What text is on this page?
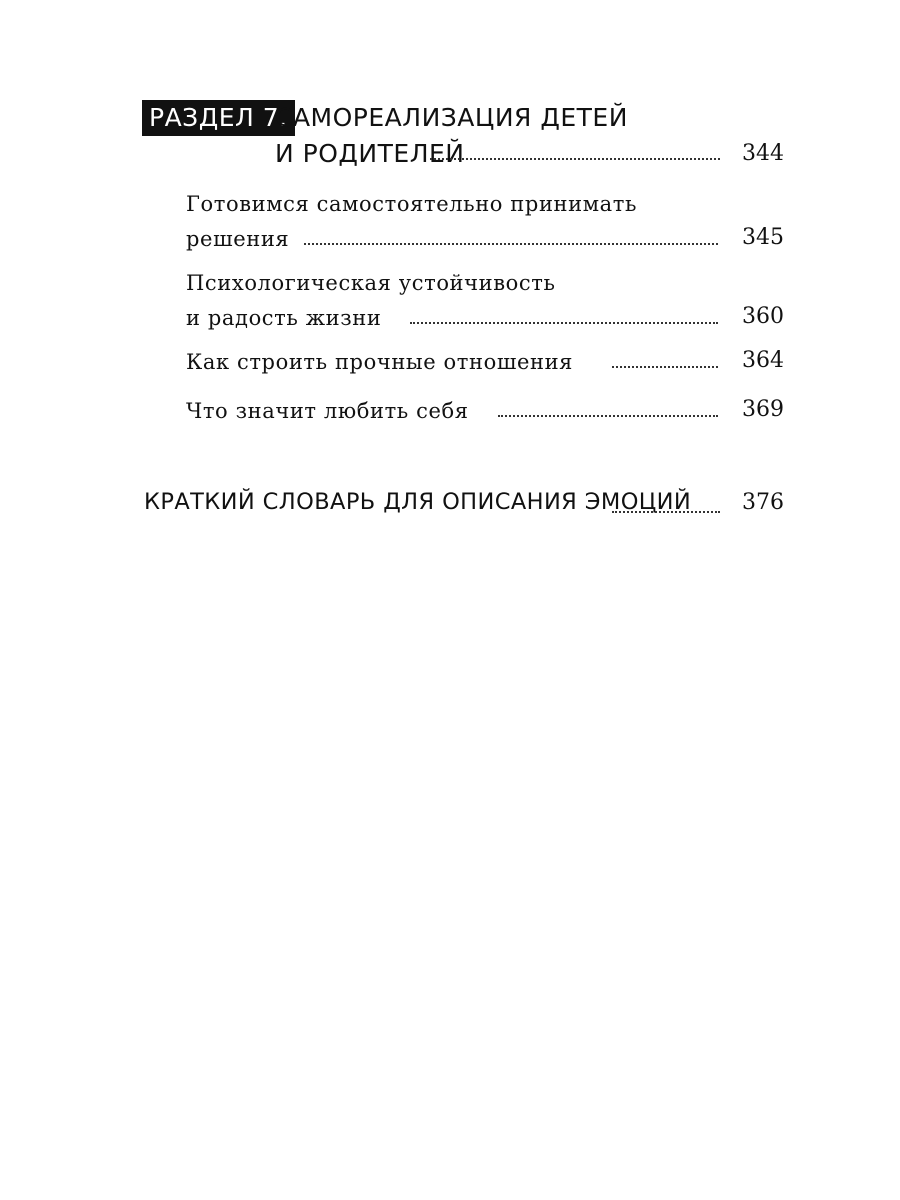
РАЗДЕЛ 7.
САМОРЕАЛИЗАЦИЯ ДЕТЕЙ
И РОДИТЕЛЕЙ	344
Готовимся самостоятельно принимать
решения	345
Психологическая устойчивость
и радость жизни	360
Как строить прочные отношения	364
Что значит любить себя	369
КРАТКИЙ СЛОВАРЬ ДЛЯ ОПИСАНИЯ ЭМОЦИЙ 376
